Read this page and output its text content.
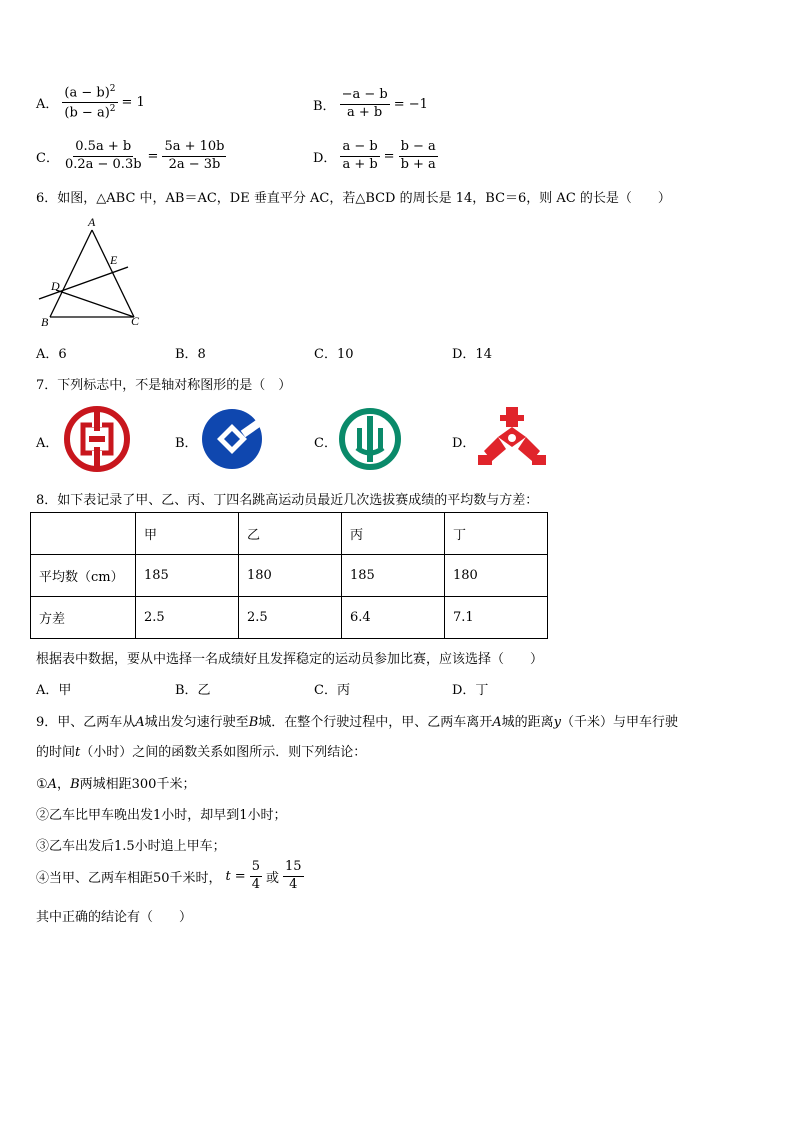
A． $\frac{(a - b)^2}{(b - a)^2} = 1$	B． $\frac{-a - b}{a + b} = -1$
C． $\frac{0.5a + b}{0.2a - 0.3b} = \frac{5a + 10b}{2a - 3b}$	D． $\frac{a - b}{a + b} = \frac{b - a}{b + a}$
6．如图，△ABC 中，AB＝AC，DE 垂直平分 AC，若△BCD 的周长是 14，BC＝6，则 AC 的长是（　　）
A
E
D
B	C
A．6	B．8	C．10	D．14
7．下列标志中，不是轴对称图形的是（　）
A．	B．	C．	D．
8．如下表记录了甲、乙、丙、丁四名跳高运动员最近几次选拔赛成绩的平均数与方差：
	甲	乙	丙	丁
平均数（cm）	185	180	185	180
方差	2.5	2.5	6.4	7.1
根据表中数据，要从中选择一名成绩好且发挥稳定的运动员参加比赛，应该选择（　　）
A．甲	B．乙	C．丙	D．丁
9．甲、乙两车从A城出发匀速行驶至B城．在整个行驶过程中，甲、乙两车离开A城的距离y（千米）与甲车行驶
的时间t（小时）之间的函数关系如图所示．则下列结论：
①A，B两城相距300千米；
②乙车比甲车晚出发1小时，却早到1小时；
③乙车出发后1.5小时追上甲车；
④当甲、乙两车相距50千米时， $t = \frac{5}{4}$ 或 $\frac{15}{4}$
其中正确的结论有（　　）
